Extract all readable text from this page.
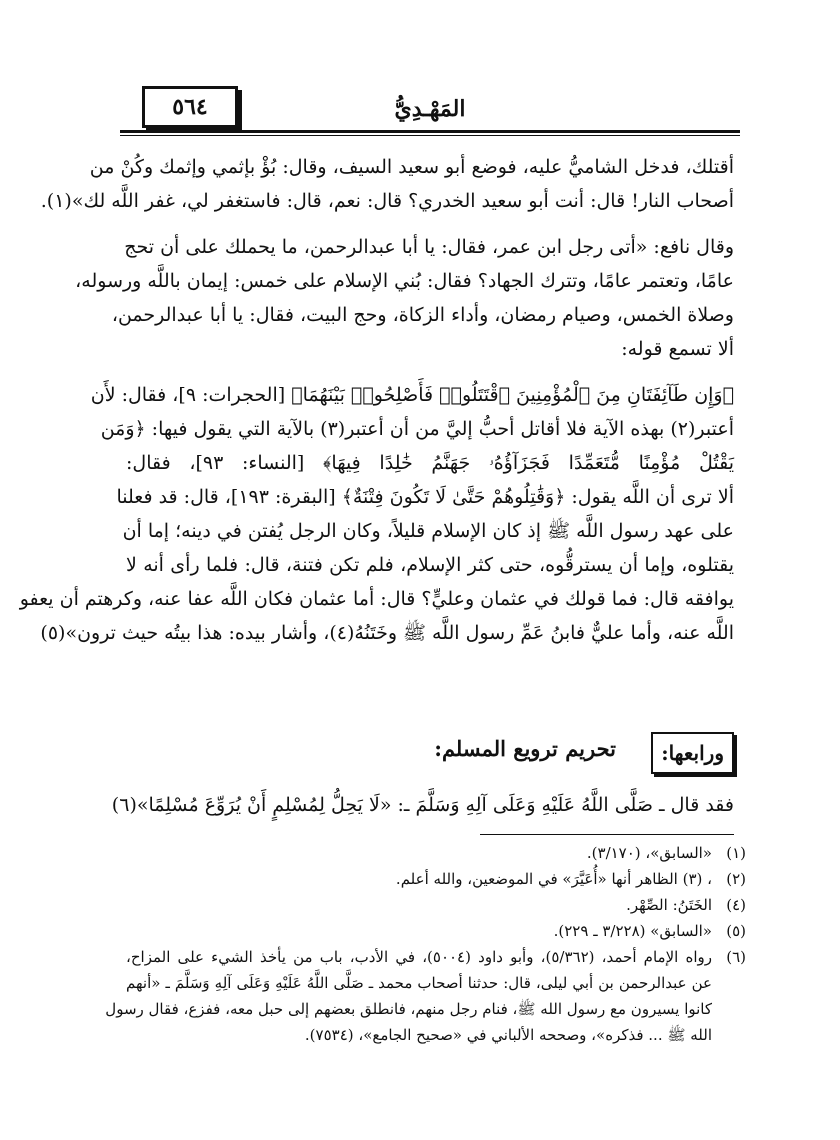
المَهْـدِيُّ
٥٦٤
أقتلك، فدخل الشاميُّ عليه، فوضع أبو سعيد السيف، وقال: بُؤْ بإثمي وإثمك وكُنْ من
أصحاب النار! قال: أنت أبو سعيد الخدري؟ قال: نعم، قال: فاستغفر لي، غفر اللَّه لك»(١).
وقال نافع: «أتى رجل ابن عمر، فقال: يا أبا عبدالرحمن، ما يحملك على أن تحج
عامًا، وتعتمر عامًا، وتترك الجهاد؟ فقال: بُني الإسلام على خمس: إيمان باللَّه ورسوله،
وصلاة الخمس، وصيام رمضان، وأداء الزكاة، وحج البيت، فقال: يا أبا عبدالرحمن،
ألا تسمع قوله:
﴿وَإِن طَآئِفَتَانِ مِنَ ٱلْمُؤْمِنِينَ ٱقْتَتَلُوا۟ فَأَصْلِحُوا۟ بَيْنَهُمَا﴾ [الحجرات: ٩]، فقال: لأَن
أعتبر(٢) بهذه الآية فلا أقاتل أحبُّ إليَّ من أن أعتبر(٣) بالآية التي يقول فيها: ﴿وَمَن
يَقْتُلْ مُؤْمِنًا مُّتَعَمِّدًا فَجَزَآؤُهُۥ جَهَنَّمُ خَٰلِدًا فِيهَا﴾ [النساء: ٩٣]، فقال:
ألا ترى أن اللَّه يقول: ﴿وَقَٰتِلُوهُمْ حَتَّىٰ لَا تَكُونَ فِتْنَةٌ﴾ [البقرة: ١٩٣]، قال: قد فعلنا
على عهد رسول اللَّه ﷺ إذ كان الإسلام قليلاً، وكان الرجل يُفتن في دينه؛ إما أن
يقتلوه، وإما أن يسترقُّوه، حتى كثر الإسلام، فلم تكن فتنة، قال: فلما رأى أنه لا
يوافقه قال: فما قولك في عثمان وعليٍّ؟ قال: أما عثمان فكان اللَّه عفا عنه، وكرهتم أن يعفو
اللَّه عنه، وأما عليٌّ فابنُ عَمِّ رسول اللَّه ﷺ وخَتَنُهُ(٤)، وأشار بيده: هذا بيتُه حيث ترون»(٥)
ورابعها:
تحريم ترويع المسلم:
فقد قال ـ صَلَّى اللَّهُ عَلَيْهِ وَعَلَى آلِهِ وَسَلَّمَ ـ: «لَا يَحِلُّ لِمُسْلِمٍ أَنْ يُرَوِّعَ مُسْلِمًا»(٦)
(١)
«السابق»، (٣/١٧٠).
(٢)
، (٣) الظاهر أنها «أُعَيَّرَ» في الموضعين، والله أعلم.
(٤)
الخَتَنُ: الصِّهْر.
(٥)
«السابق» (٣/٢٢٨ ـ ٢٢٩).
(٦)
رواه الإمام أحمد، (٥/٣٦٢)، وأبو داود (٥٠٠٤)، في الأدب، باب من يأخذ الشيء على المزاح،
عن عبدالرحمن بن أبي ليلى، قال: حدثنا أصحاب محمد ـ صَلَّى اللَّهُ عَلَيْهِ وَعَلَى آلِهِ وَسَلَّمَ ـ «أنهم
كانوا يسيرون مع رسول الله ﷺ، فنام رجل منهم، فانطلق بعضهم إلى حبل معه، ففزع، فقال رسول
الله ﷺ ... فذكره»، وصححه الألباني في «صحيح الجامع»، (٧٥٣٤).
